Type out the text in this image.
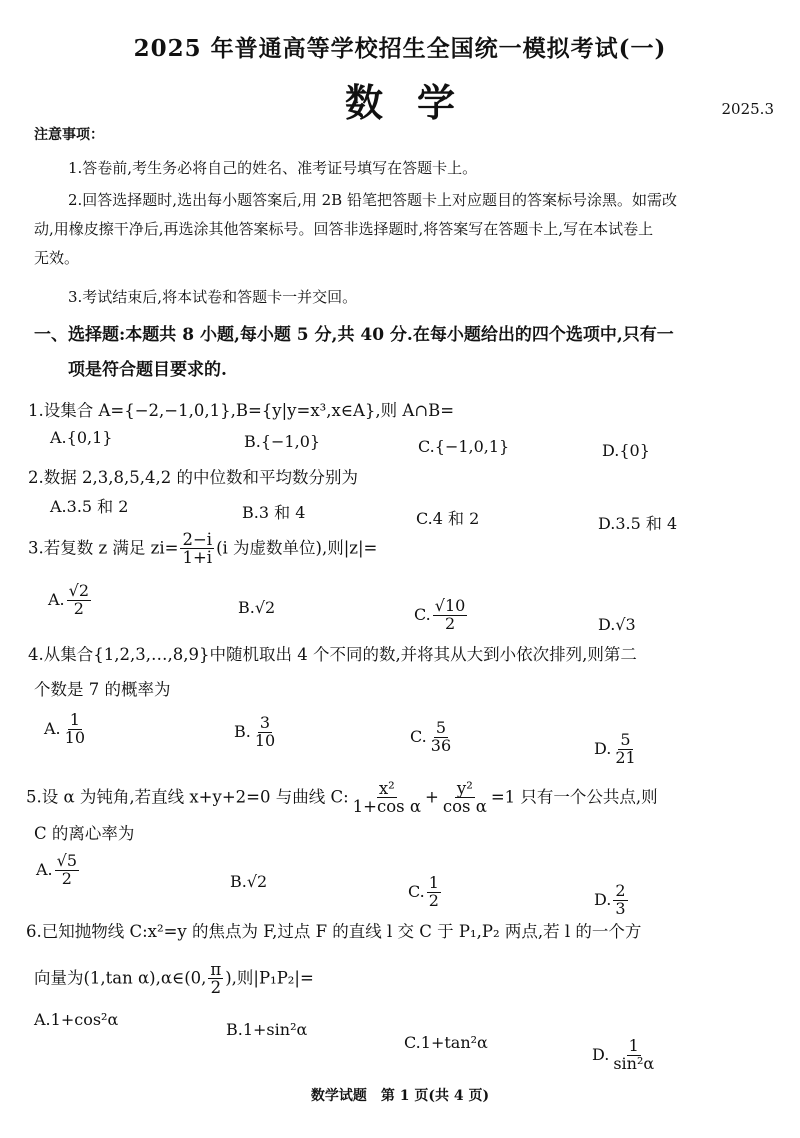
2025 年普通高等学校招生全国统一模拟考试(一)
数学	2025.3
注意事项：
1.答卷前,考生务必将自己的姓名、准考证号填写在答题卡上。
2.回答选择题时,选出每小题答案后,用 2B 铅笔把答题卡上对应题目的答案标号涂黑。如需改
动,用橡皮擦干净后,再选涂其他答案标号。回答非选择题时,将答案写在答题卡上,写在本试卷上
无效。
3.考试结束后,将本试卷和答题卡一并交回。
一、选择题:本题共 8 小题,每小题 5 分,共 40 分.在每小题给出的四个选项中,只有一
项是符合题目要求的.
1.设集合 A={−2,−1,0,1},B={y|y=x³,x∈A},则 A∩B=
A.{0,1}	B.{−1,0}	C.{−1,0,1}	D.{0}
2.数据 2,3,8,5,4,2 的中位数和平均数分别为
A.3.5 和 2	B.3 和 4	C.4 和 2	D.3.5 和 4
3.若复数 z 满足 $zi= \frac{2-i}{1+i} (i$ 为虚数单位),则|z|=
A. $\frac{√2}{2}$	B.√2	C. $\frac{√10}{2}$	D.√3
4.从集合{1,2,3,…,8,9}中随机取出 4 个不同的数,并将其从大到小依次排列,则第二
个数是 7 的概率为
A. $\frac{1}{10}$	B. $\frac{3}{10}$	C. $\frac{5}{36}$	D. $\frac{5}{21}$
5.设 α 为钝角,若直线 x+y+2=0 与曲线 C: $\frac{\text{x²}}{\text{1+cos α}} + \frac{\text{y²}}{\text{cos α}} =1$ 只有一个公共点,则
C 的离心率为
A. $\frac{√5}{2}$	B.√2
C. $\frac{1}{2}$	D. $\frac{2}{3}$
6.已知抛物线 C:x²=y 的焦点为 F,过点 F 的直线 l 交 C 于 P₁,P₂ 两点,若 l 的一个方
向量为(1,tan α),α∈(0, $\frac{\pi}{2}$ ),则|P₁P₂|=
A.1+cos²α
B.1+sin²α
C.1+tan²α
D. $\frac{1}{\text{sin²α}}$
数学试题　第 1 页(共 4 页)
